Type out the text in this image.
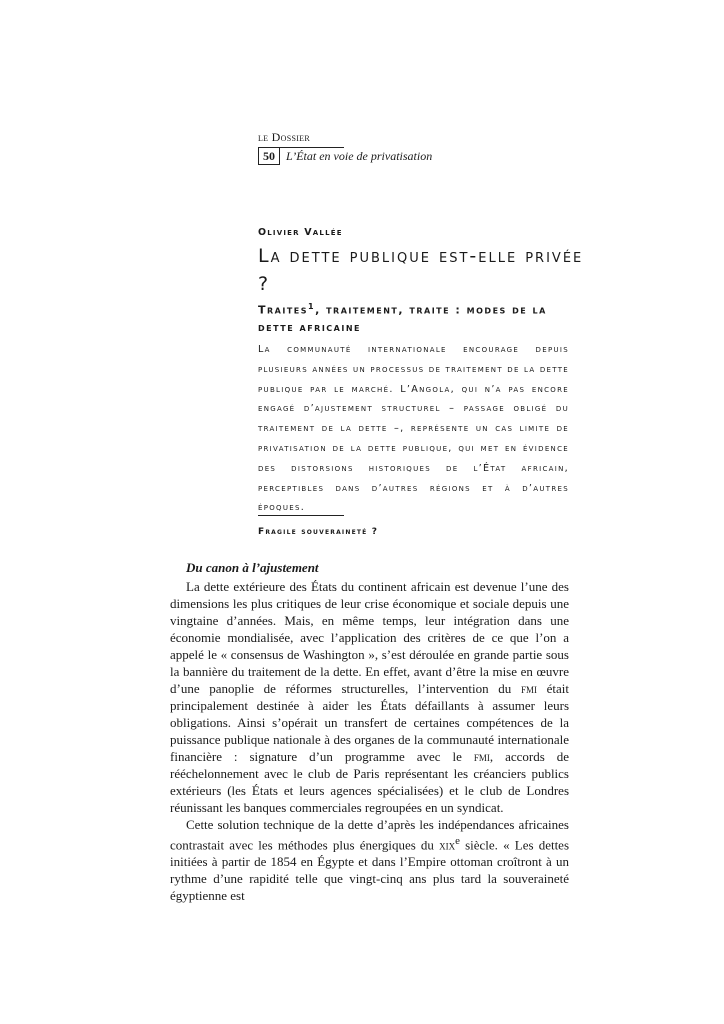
le Dossier
50 L’État en voie de privatisation
Olivier Vallée
La dette publique est-elle privée ?
Traites$^1$, traitement, traite : modes de la dette africaine
La communauté internationale encourage depuis plusieurs années un processus de traitement de la dette publique par le marché. L’Angola, qui n’a pas encore engagé d’ajustement structurel – passage obligé du traitement de la dette –, représente un cas limite de privatisation de la dette publique, qui met en évidence des distorsions historiques de l’État africain, perceptibles dans d’autres régions et à d’autres époques.
Fragile souveraineté ?
Du canon à l’ajustement

La dette extérieure des États du continent africain est devenue l’une des dimensions les plus critiques de leur crise économique et sociale depuis une vingtaine d’années. Mais, en même temps, leur intégration dans une économie mondialisée, avec l’application des critères de ce que l’on a appelé le « consensus de Washington », s’est déroulée en grande partie sous la bannière du traitement de la dette. En effet, avant d’être la mise en œuvre d’une panoplie de réformes structurelles, l’intervention du fmi était principalement destinée à aider les États défaillants à assumer leurs obligations. Ainsi s’opérait un transfert de certaines compétences de la puissance publique nationale à des organes de la communauté internationale financière : signature d’un programme avec le fmi, accords de rééchelonnement avec le club de Paris représentant les créanciers publics extérieurs (les États et leurs agences spécialisées) et le club de Londres réunissant les banques commerciales regroupées en un syndicat.

Cette solution technique de la dette d’après les indépendances africaines contrastait avec les méthodes plus énergiques du xix$^e$ siècle. « Les dettes initiées à partir de 1854 en Égypte et dans l’Empire ottoman croîtront à un rythme d’une rapidité telle que vingt-cinq ans plus tard la souveraineté égyptienne est
